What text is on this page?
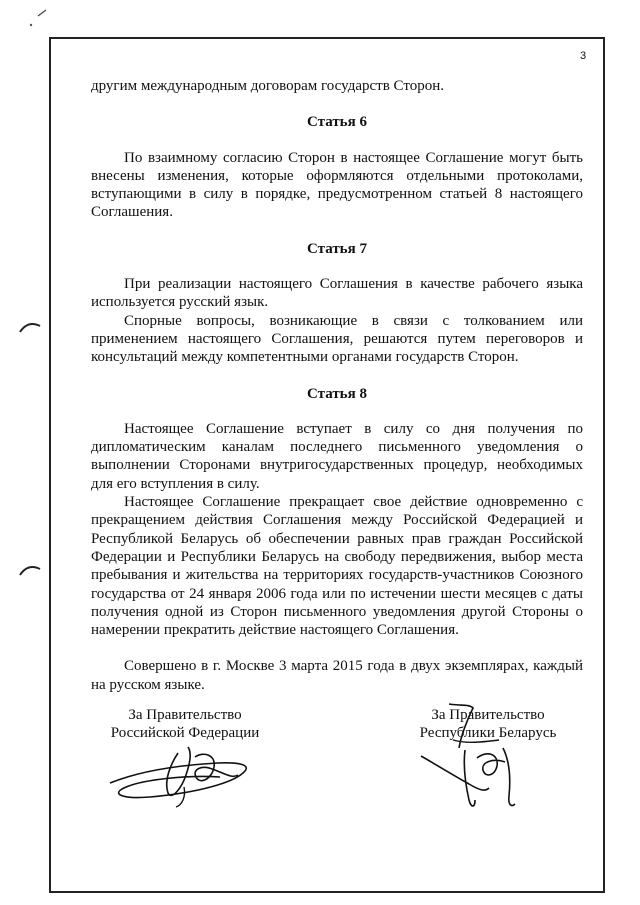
3

другим международным договорам государств Сторон.

Статья 6

По взаимному согласию Сторон в настоящее Соглашение могут быть внесены изменения, которые оформляются отдельными протоколами, вступающими в силу в порядке, предусмотренном статьей 8 настоящего Соглашения.

Статья 7

При реализации настоящего Соглашения в качестве рабочего языка используется русский язык.

Спорные вопросы, возникающие в связи с толкованием или применением настоящего Соглашения, решаются путем переговоров и консультаций между компетентными органами государств Сторон.

Статья 8

Настоящее Соглашение вступает в силу со дня получения по дипломатическим каналам последнего письменного уведомления о выполнении Сторонами внутригосударственных процедур, необходимых для его вступления в силу.

Настоящее Соглашение прекращает свое действие одновременно с прекращением действия Соглашения между Российской Федерацией и Республикой Беларусь об обеспечении равных прав граждан Российской Федерации и Республики Беларусь на свободу передвижения, выбор места пребывания и жительства на территориях государств-участников Союзного государства от 24 января 2006 года или по истечении шести месяцев с даты получения одной из Сторон письменного уведомления другой Стороны о намерении прекратить действие настоящего Соглашения.

Совершено в г. Москве 3 марта 2015 года в двух экземплярах, каждый на русском языке.

За Правительство
Российской Федерации
За Правительство
Республики Беларусь
